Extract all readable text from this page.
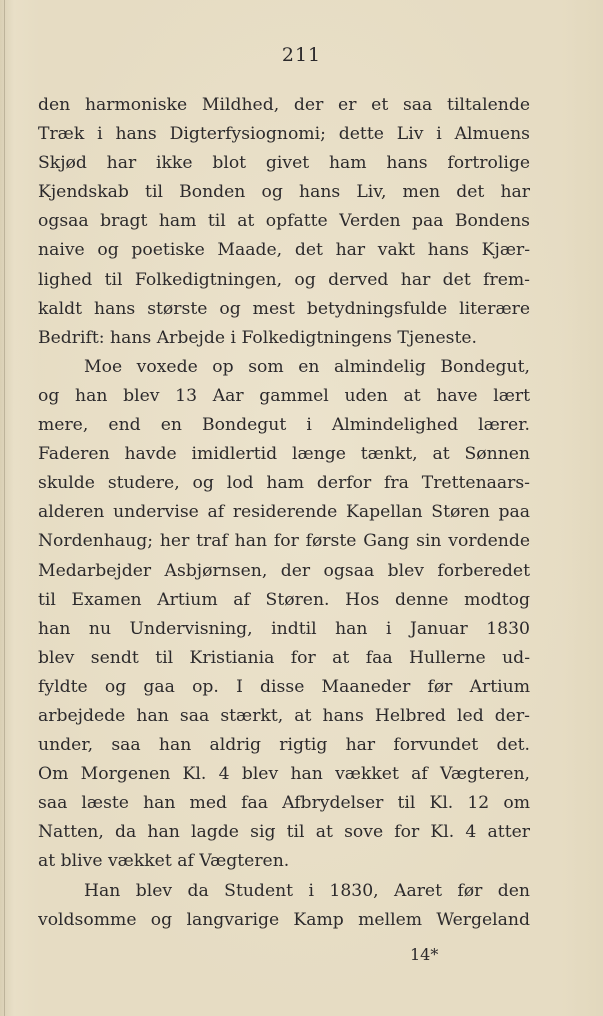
211
den harmoniske Mildhed, der er et saa tiltalende
Træk i hans Digterfysiognomi; dette Liv i Almuens
Skjød har ikke blot givet ham hans fortrolige
Kjendskab til Bonden og hans Liv, men det har
ogsaa bragt ham til at opfatte Verden paa Bondens
naive og poetiske Maade, det har vakt hans Kjær-
lighed til Folkedigtningen, og derved har det frem-
kaldt hans største og mest betydningsfulde literære
Bedrift: hans Arbejde i Folkedigtningens Tjeneste.
Moe voxede op som en almindelig Bondegut,
og han blev 13 Aar gammel uden at have lært
mere, end en Bondegut i Almindelighed lærer.
Faderen havde imidlertid længe tænkt, at Sønnen
skulde studere, og lod ham derfor fra Trettenaars-
alderen undervise af residerende Kapellan Støren paa
Nordenhaug; her traf han for første Gang sin vordende
Medarbejder Asbjørnsen, der ogsaa blev forberedet
til Examen Artium af Støren. Hos denne modtog
han nu Undervisning, indtil han i Januar 1830
blev sendt til Kristiania for at faa Hullerne ud-
fyldte og gaa op. I disse Maaneder før Artium
arbejdede han saa stærkt, at hans Helbred led der-
under, saa han aldrig rigtig har forvundet det.
Om Morgenen Kl. 4 blev han vækket af Vægteren,
saa læste han med faa Afbrydelser til Kl. 12 om
Natten, da han lagde sig til at sove for Kl. 4 atter
at blive vækket af Vægteren.
Han blev da Student i 1830, Aaret før den
voldsomme og langvarige Kamp mellem Wergeland
14*
